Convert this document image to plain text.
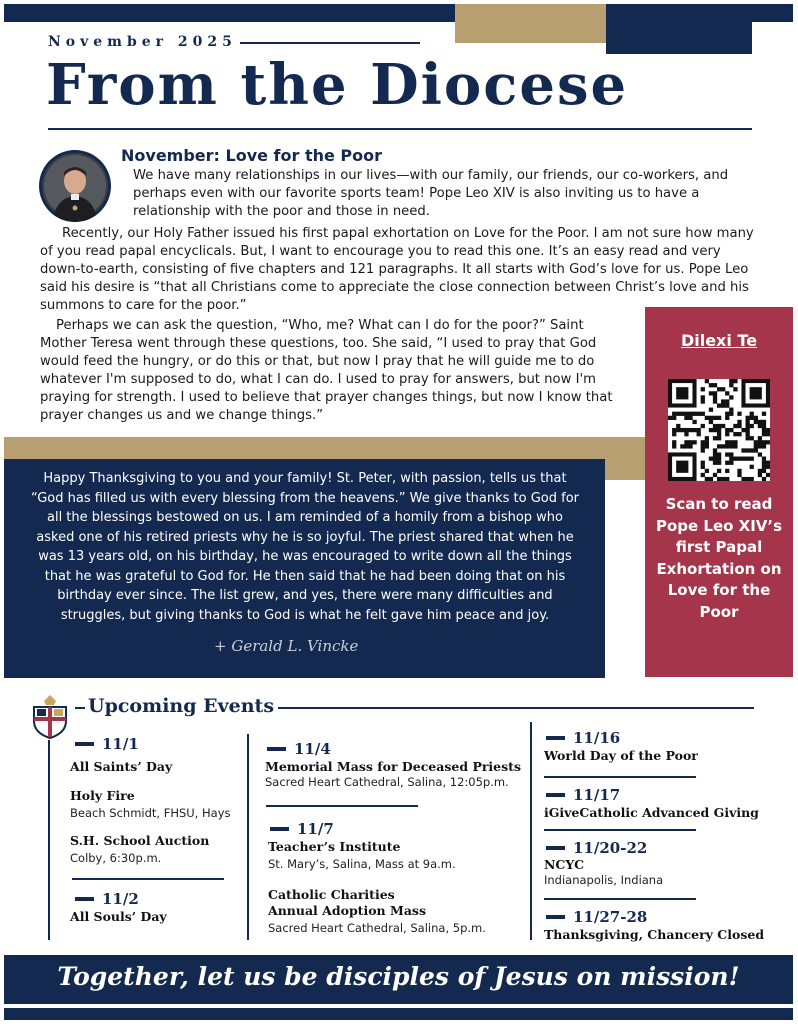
November 2025
From the Diocese
November: Love for the Poor

We have many relationships in our lives—with our family, our friends, our co-workers, and perhaps even with our favorite sports team! Pope Leo XIV is also inviting us to have a relationship with the poor and those in need.

Recently, our Holy Father issued his first papal exhortation on Love for the Poor. I am not sure how many of you read papal encyclicals. But, I want to encourage you to read this one. It’s an easy read and very down-to-earth, consisting of five chapters and 121 paragraphs. It all starts with God’s love for us. Pope Leo said his desire is “that all Christians come to appreciate the close connection between Christ’s love and his summons to care for the poor.”

Perhaps we can ask the question, “Who, me? What can I do for the poor?” Saint Mother Teresa went through these questions, too. She said, “I used to pray that God would feed the hungry, or do this or that, but now I pray that he will guide me to do whatever I'm supposed to do, what I can do. I used to pray for answers, but now I'm praying for strength. I used to believe that prayer changes things, but now I know that prayer changes us and we change things.”

Dilexi Te
Scan to read Pope Leo XIV’s first Papal Exhortation on Love for the Poor
Happy Thanksgiving to you and your family! St. Peter, with passion, tells us that “God has filled us with every blessing from the heavens.” We give thanks to God for all the blessings bestowed on us. I am reminded of a homily from a bishop who asked one of his retired priests why he is so joyful. The priest shared that when he was 13 years old, on his birthday, he was encouraged to write down all the things that he was grateful to God for. He then said that he had been doing that on his birthday ever since. The list grew, and yes, there were many difficulties and struggles, but giving thanks to God is what he felt gave him peace and joy.
+ Gerald L. Vincke
Upcoming Events
11/1
All Saints’ Day
Holy Fire
Beach Schmidt, FHSU, Hays
S.H. School Auction
Colby, 6:30p.m.
11/2
All Souls’ Day
11/4
Memorial Mass for Deceased Priests
Sacred Heart Cathedral, Salina, 12:05p.m.
11/7
Teacher’s Institute
St. Mary’s, Salina, Mass at 9a.m.
Catholic Charities
Annual Adoption Mass
Sacred Heart Cathedral, Salina, 5p.m.
11/16
World Day of the Poor
11/17
iGiveCatholic Advanced Giving
11/20-22
NCYC
Indianapolis, Indiana
11/27-28
Thanksgiving, Chancery Closed
Together, let us be disciples of Jesus on mission!
